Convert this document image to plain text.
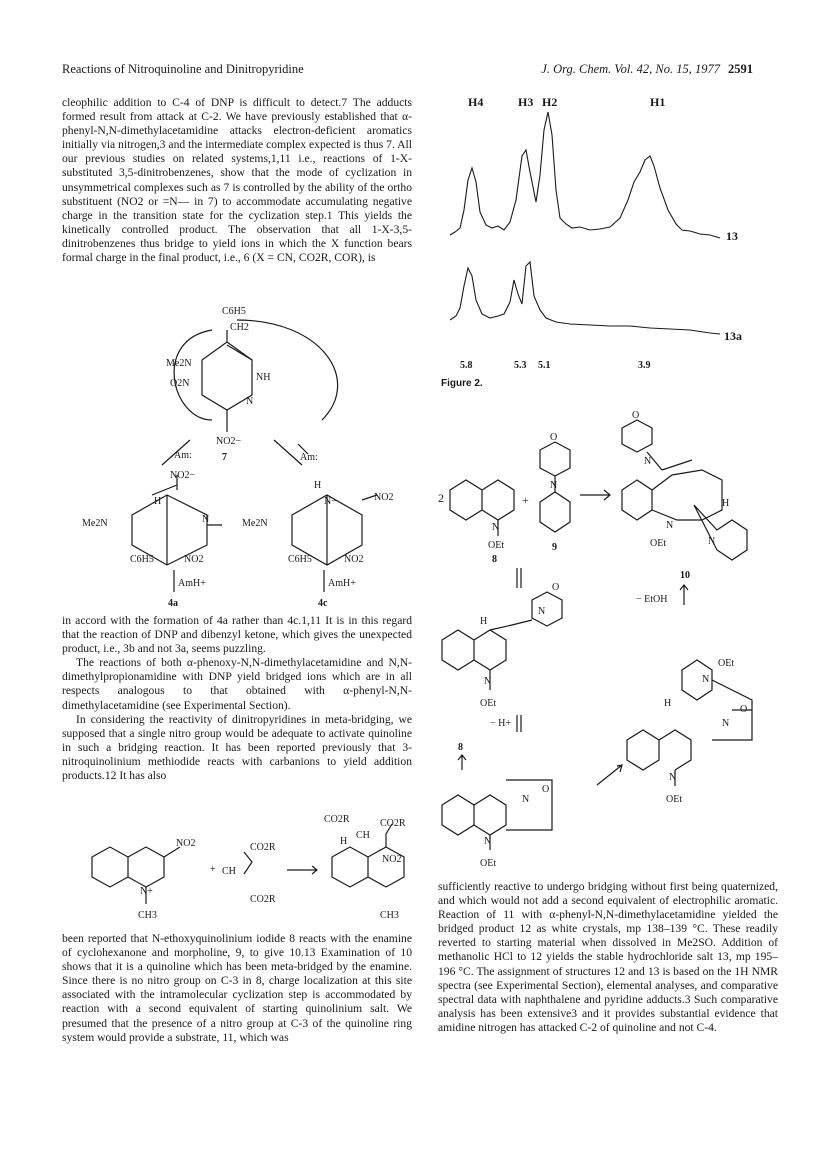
Reactions of Nitroquinoline and Dinitropyridine	J. Org. Chem. Vol. 42, No. 15, 1977 2591

cleophilic addition to C-4 of DNP is difficult to detect.7 The adducts formed result from attack at C-2. We have previously established that α-phenyl-N,N-dimethylacetamidine attacks electron-deficient aromatics initially via nitrogen,3 and the intermediate complex expected is thus 7. All our previous studies on related systems,1,11 i.e., reactions of 1-X-substituted 3,5-dinitrobenzenes, show that the mode of cyclization in unsymmetrical complexes such as 7 is controlled by the ability of the ortho substituent (NO2 or =N— in 7) to accommodate accumulating negative charge in the transition state for the cyclization step.1 This yields the kinetically controlled product. The observation that all 1-X-3,5-dinitrobenzenes thus bridge to yield ions in which the X function bears formal charge in the final product, i.e., 6 (X = CN, CO2R, COR), is

C6H5
CH2
Me2N
O2N
NH
N
NO2−
7
Am:	Am:
NO2−
H
N
Me2N
C6H5	NO2
AmH+
4a
H
N−	NO2
Me2N
C6H5	NO2
AmH+
4c

in accord with the formation of 4a rather than 4c.1,11 It is in this regard that the reaction of DNP and dibenzyl ketone, which gives the unexpected product, i.e., 3b and not 3a, seems puzzling.

The reactions of both α-phenoxy-N,N-dimethylacetamidine and N,N-dimethylpropionamidine with DNP yield bridged ions which are in all respects analogous to that obtained with α-phenyl-N,N-dimethylacetamidine (see Experimental Section).

In considering the reactivity of dinitropyridines in meta-bridging, we supposed that a single nitro group would be adequate to activate quinoline in such a bridging reaction. It has been reported previously that 3-nitroquinolinium methiodide reacts with carbanions to yield addition products.12 It has also

NO2
N+
CH3
+
CO2R
CH
CO2R
CO2R	CO2R
CH
H
NO2
CH3

been reported that N-ethoxyquinolinium iodide 8 reacts with the enamine of cyclohexanone and morpholine, 9, to give 10.13 Examination of 10 shows that it is a quinoline which has been meta-bridged by the enamine. Since there is no nitro group on C-3 in 8, charge localization at this site associated with the intramolecular cyclization step is accommodated by reaction with a second equivalent of starting quinolinium salt. We presumed that the presence of a nitro group at C-3 of the quinoline ring system would provide a substrate, 11, which was

H4	H3 H2	H1
13
13a
5.8	5.3 5.1	3.9
Figure 2.
2	+
N
OEt
8
O
N
9
O
N
H
N
N
OEt
10
− EtOH
H
N
O
N
OEt
− H+
OEt
N
H
N
O
N
OEt
8
N
O
N
OEt

sufficiently reactive to undergo bridging without first being quaternized, and which would not add a second equivalent of electrophilic aromatic. Reaction of 11 with α-phenyl-N,N-dimethylacetamidine yielded the bridged product 12 as white crystals, mp 138–139 °C. These readily reverted to starting material when dissolved in Me2SO. Addition of methanolic HCl to 12 yields the stable hydrochloride salt 13, mp 195–196 °C. The assignment of structures 12 and 13 is based on the 1H NMR spectra (see Experimental Section), elemental analyses, and comparative spectral data with naphthalene and pyridine adducts.3 Such comparative analysis has been extensive3 and it provides substantial evidence that amidine nitrogen has attacked C-2 of quinoline and not C-4.
